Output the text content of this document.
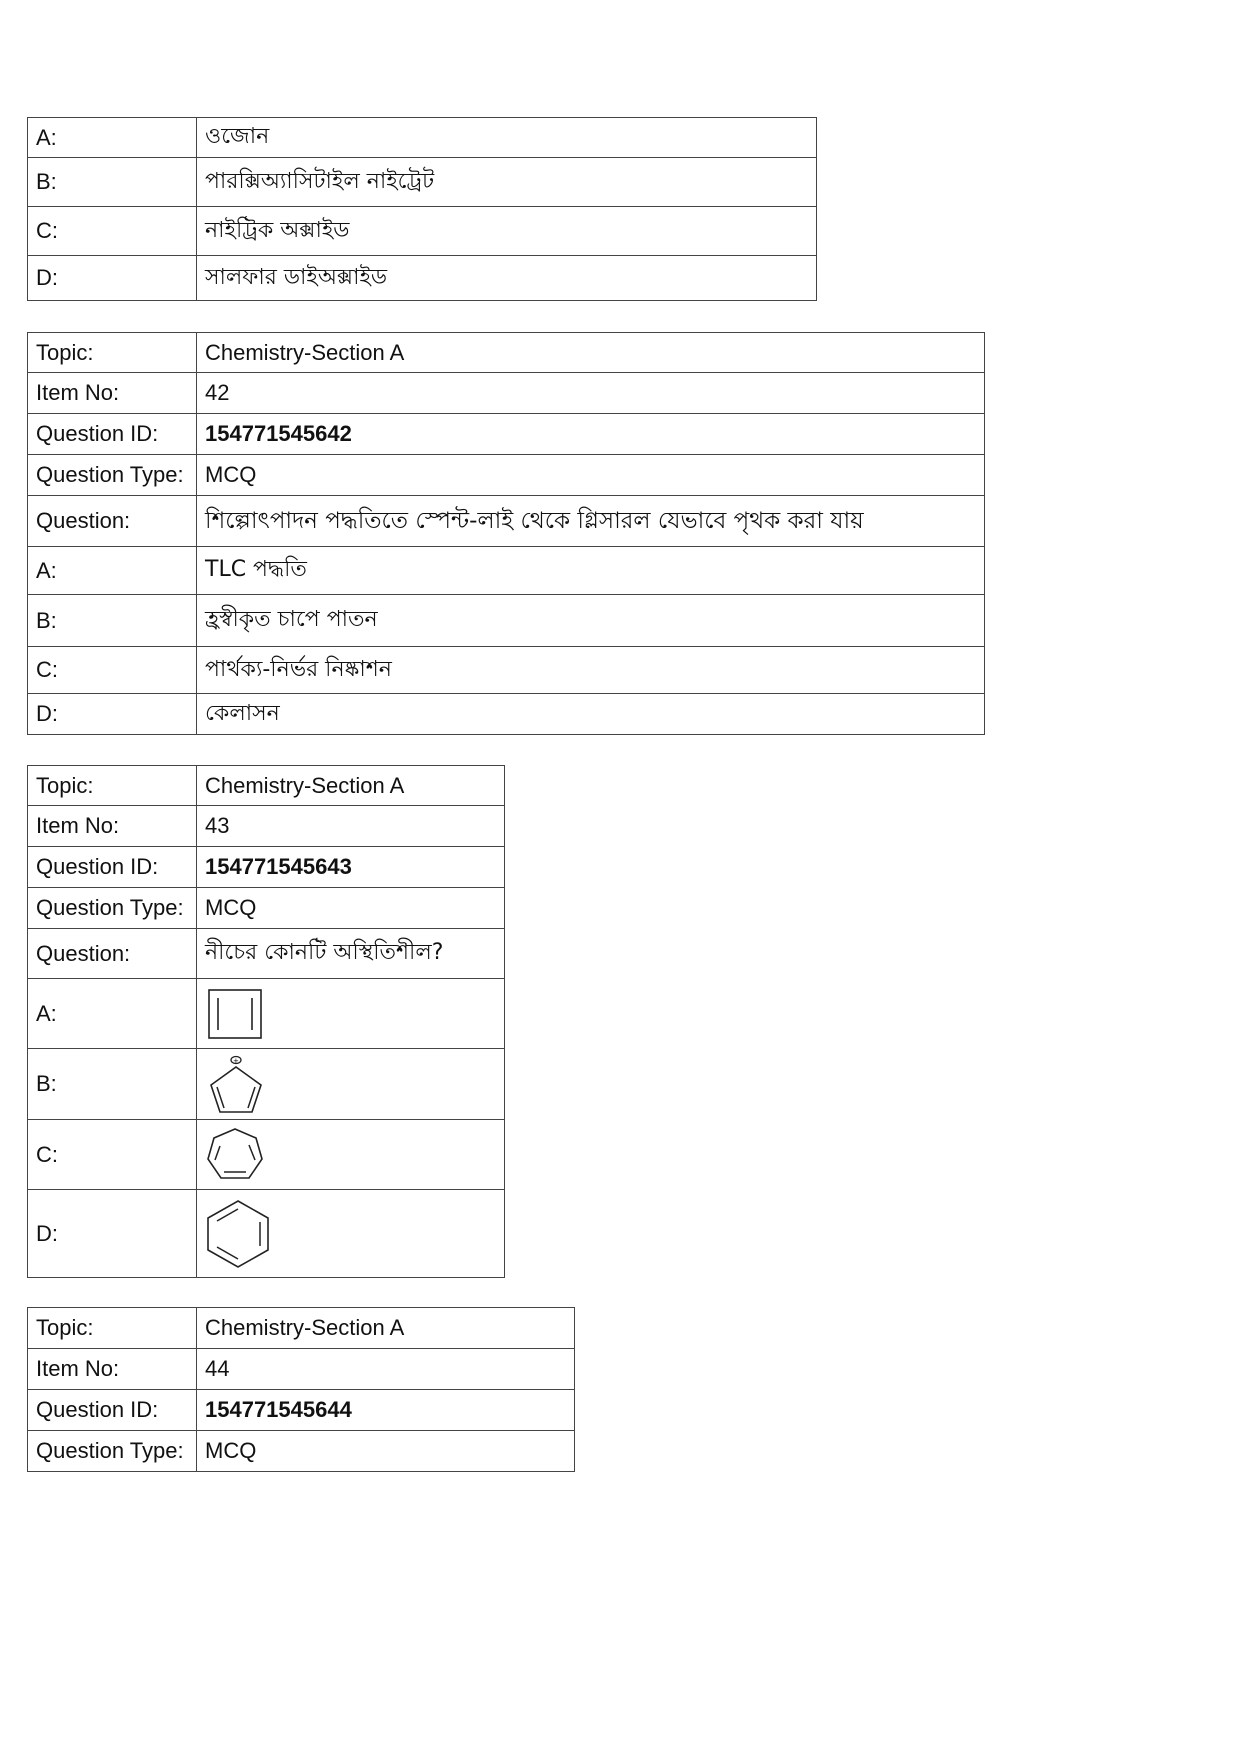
A:	ওজোন
B:	পারক্সিঅ্যাসিটাইল নাইট্রেট
C:	নাইট্রিক অক্সাইড
D:	সালফার ডাইঅক্সাইড
Topic:	Chemistry-Section A
Item No:	42
Question ID:	154771545642
Question Type:	MCQ
Question:	শিল্পোৎপাদন পদ্ধতিতে স্পেন্ট-লাই থেকে গ্লিসারল যেভাবে পৃথক করা যায়
A:	TLC পদ্ধতি
B:	হ্রস্বীকৃত চাপে পাতন
C:	পার্থক্য-নির্ভর নিষ্কাশন
D:	কেলাসন
Topic:	Chemistry-Section A
Item No:	43
Question ID:	154771545643
Question Type:	MCQ
Question:	নীচের কোনটি অস্থিতিশীল?
A:	

B:	+

C:	

D:	
Topic:	Chemistry-Section A
Item No:	44
Question ID:	154771545644
Question Type:	MCQ
